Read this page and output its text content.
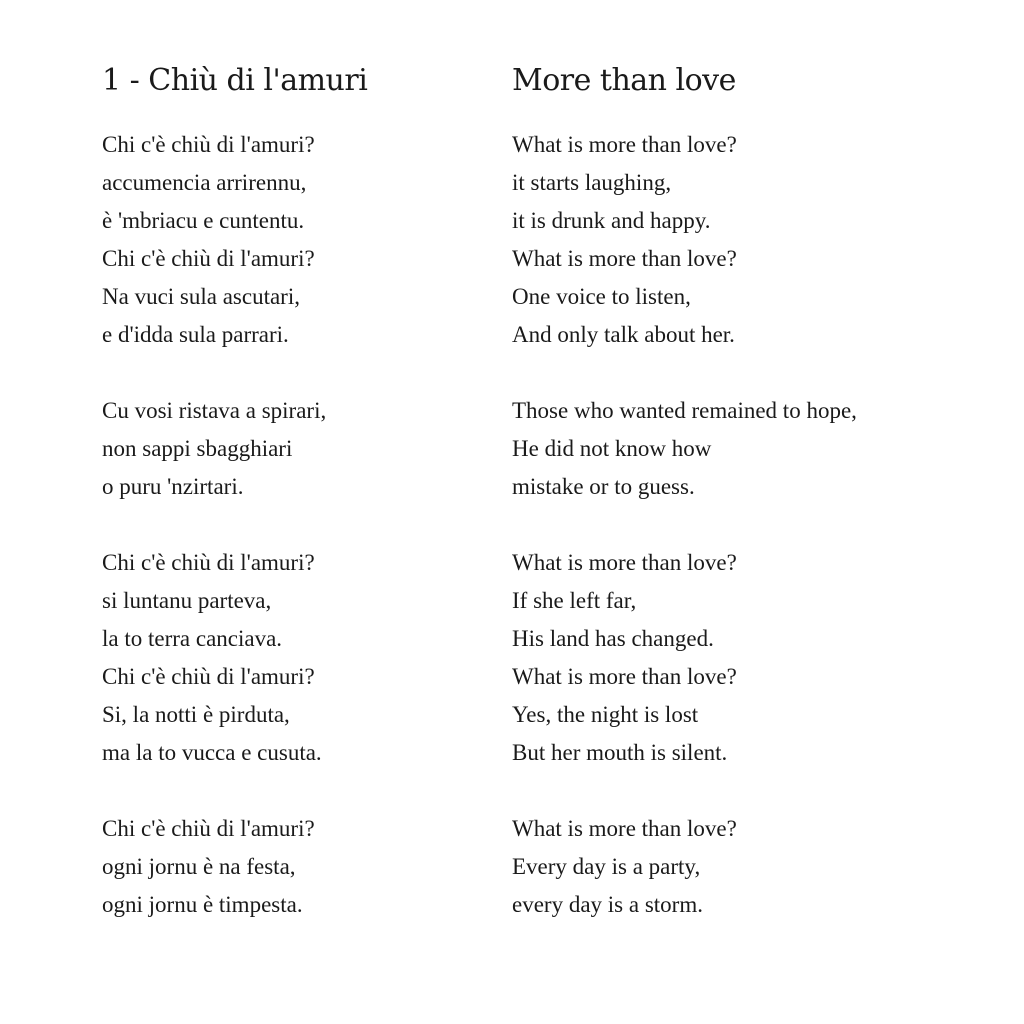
1 - Chiù di l'amuri
Chi c'è chiù di l'amuri?
accumencia arrirennu,
è 'mbriacu e cuntentu.
Chi c'è chiù di l'amuri?
Na vuci sula ascutari,
e d'idda sula parrari.
Cu vosi ristava a spirari,
non sappi sbagghiari
o puru 'nzirtari.
Chi c'è chiù di l'amuri?
si luntanu parteva,
la to terra canciava.
Chi c'è chiù di l'amuri?
Si, la notti è pirduta,
ma la to vucca e cusuta.
Chi c'è chiù di l'amuri?
ogni jornu è na festa,
ogni jornu è timpesta.
More than love
What is more than love?
it starts laughing,
it is drunk and happy.
What is more than love?
One voice to listen,
And only talk about her.
Those who wanted remained to hope,
He did not know how
mistake or to guess.
What is more than love?
If she left far,
His land has changed.
What is more than love?
Yes, the night is lost
But her mouth is silent.
What is more than love?
Every day is a party,
every day is a storm.
